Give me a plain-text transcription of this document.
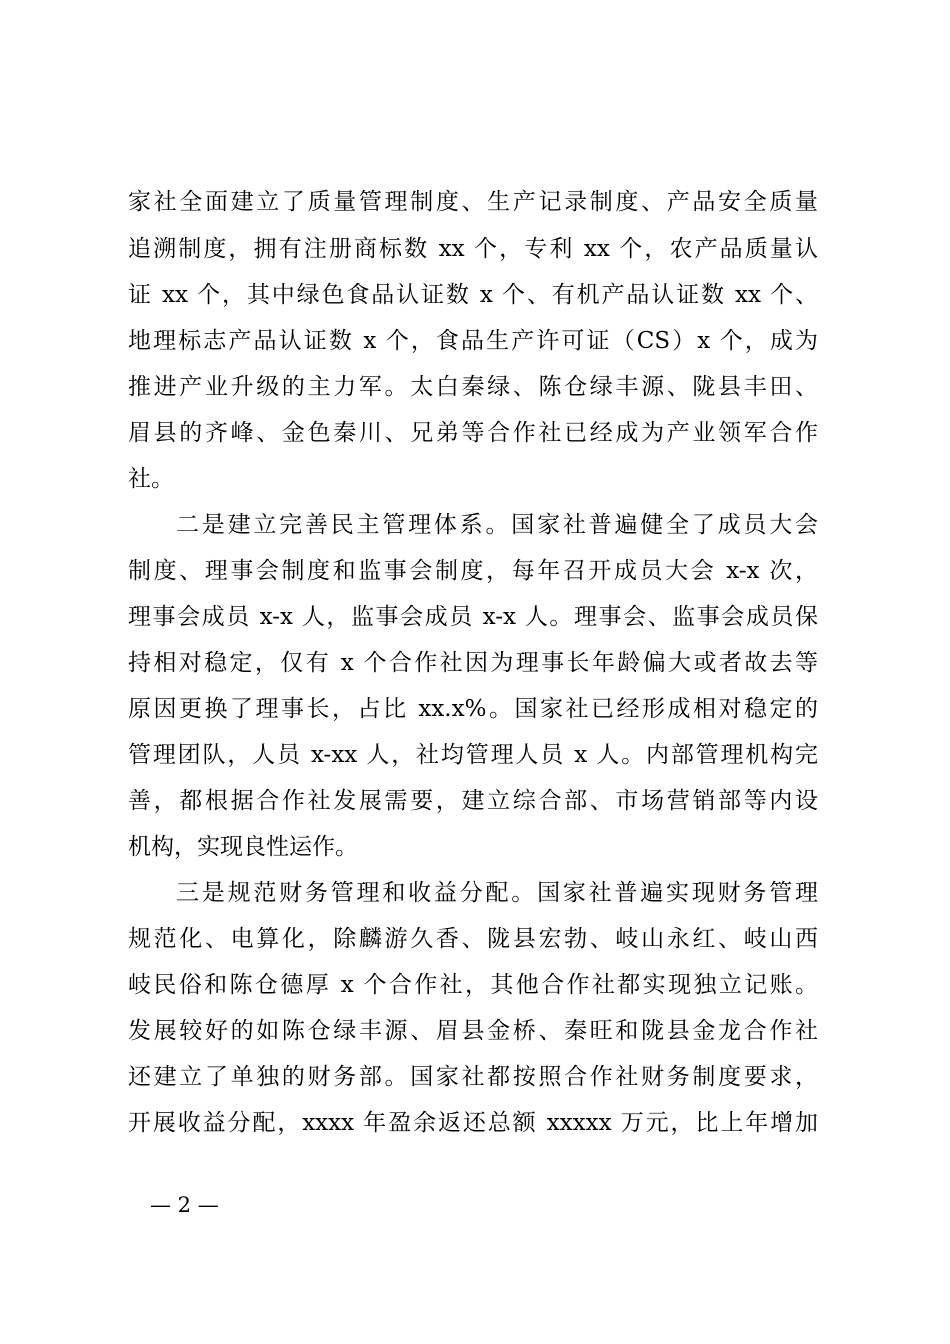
家社全面建立了质量管理制度、生产记录制度、产品安全质量
追溯制度，拥有注册商标数 xx 个，专利 xx 个，农产品质量认
证 xx 个，其中绿色食品认证数 x 个、有机产品认证数 xx 个、
地理标志产品认证数 x 个，食品生产许可证（CS）x 个，成为
推进产业升级的主力军。太白秦绿、陈仓绿丰源、陇县丰田、
眉县的齐峰、金色秦川、兄弟等合作社已经成为产业领军合作
社。
二是建立完善民主管理体系。国家社普遍健全了成员大会
制度、理事会制度和监事会制度，每年召开成员大会 x-x 次，
理事会成员 x-x 人，监事会成员 x-x 人。理事会、监事会成员保
持相对稳定，仅有 x 个合作社因为理事长年龄偏大或者故去等
原因更换了理事长，占比 xx.x%。国家社已经形成相对稳定的
管理团队，人员 x-xx 人，社均管理人员 x 人。内部管理机构完
善，都根据合作社发展需要，建立综合部、市场营销部等内设
机构，实现良性运作。
三是规范财务管理和收益分配。国家社普遍实现财务管理
规范化、电算化，除麟游久香、陇县宏勃、岐山永红、岐山西
岐民俗和陈仓德厚 x 个合作社，其他合作社都实现独立记账。
发展较好的如陈仓绿丰源、眉县金桥、秦旺和陇县金龙合作社
还建立了单独的财务部。国家社都按照合作社财务制度要求，
开展收益分配，xxxx 年盈余返还总额 xxxxx 万元，比上年增加
— 2 —
